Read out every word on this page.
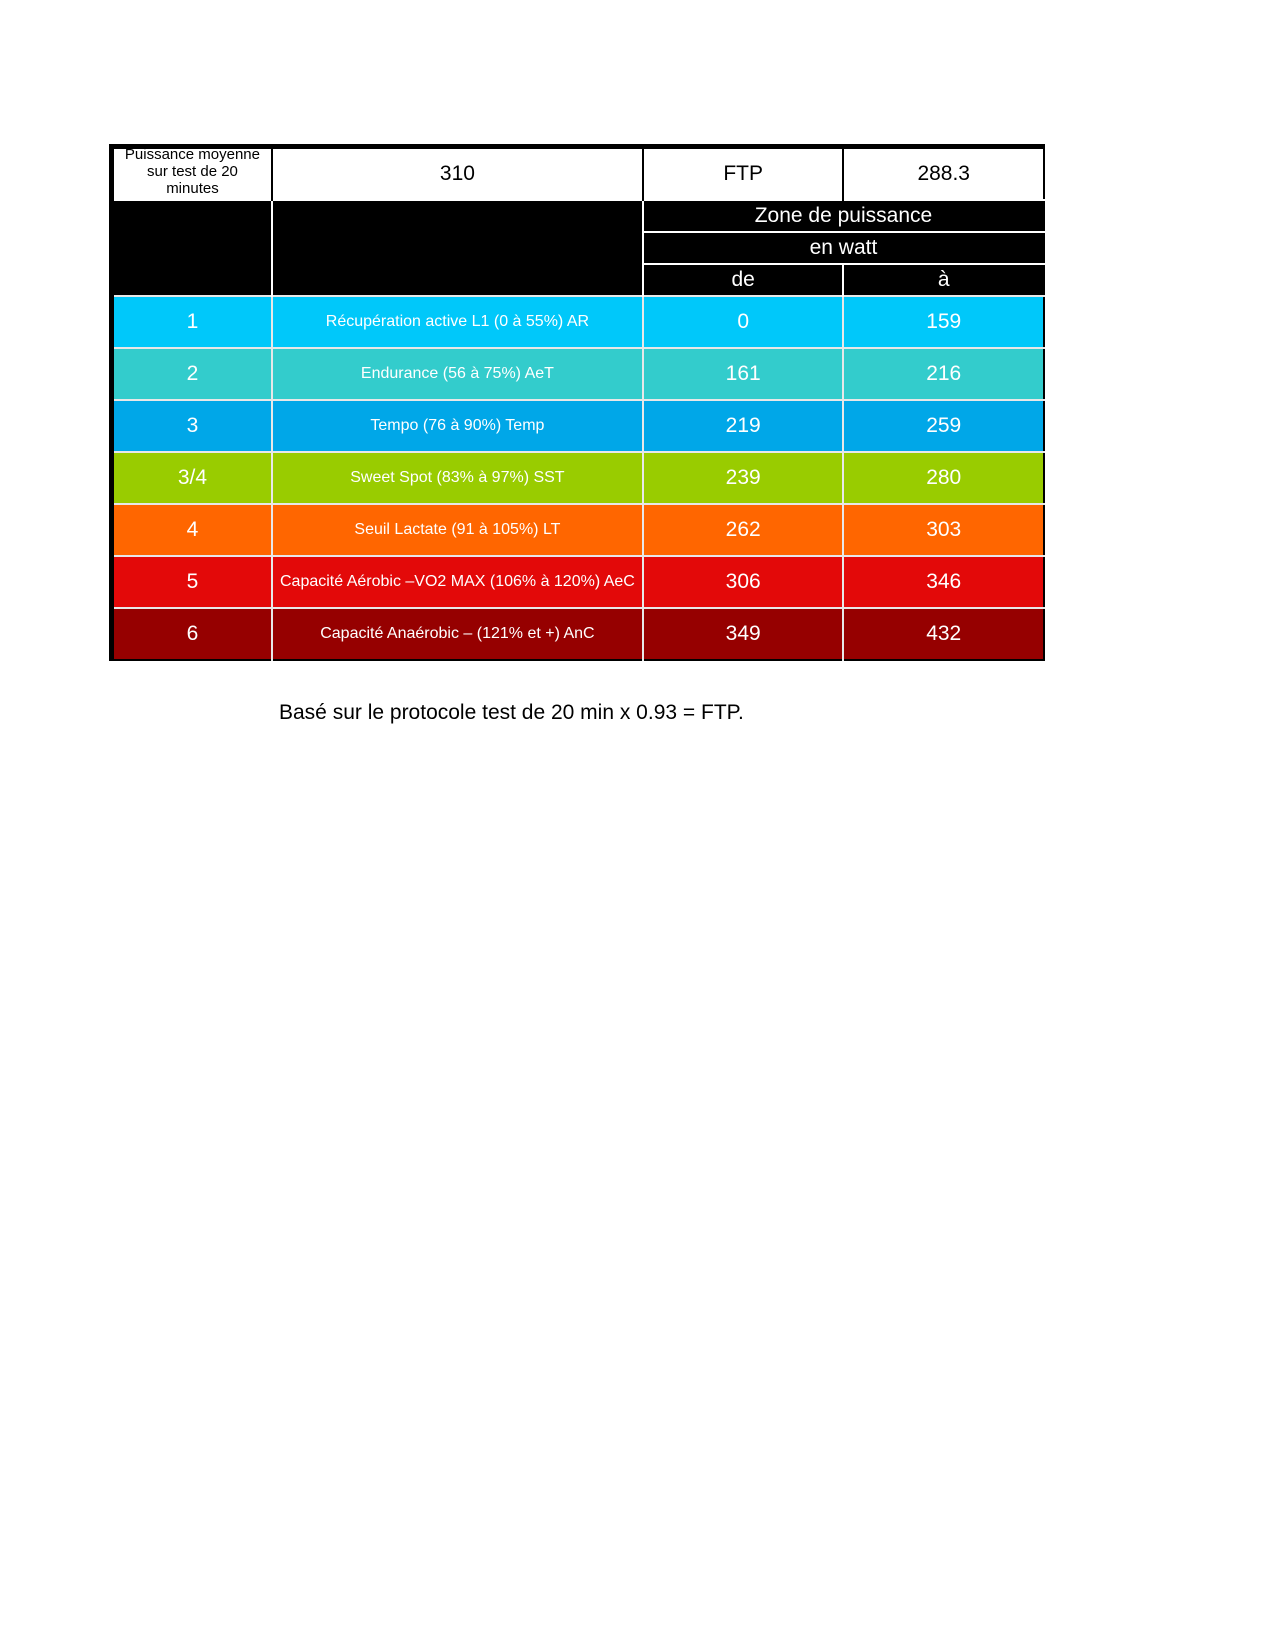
Puissance moyenne
sur test de 20
minutes	310	FTP	288.3
		Zone de puissance	
		en watt	
		de	à
1	Récupération active L1 (0 à 55%) AR	0	159
2	Endurance (56 à 75%) AeT	161	216
3	Tempo (76 à 90%) Temp	219	259
3/4	Sweet Spot (83% à 97%) SST	239	280
4	Seuil Lactate (91 à 105%) LT	262	303
5	Capacité Aérobic –VO2 MAX (106% à 120%) AeC	306	346
6	Capacité Anaérobic – (121% et +) AnC	349	432
Basé sur le protocole test de 20 min x 0.93 = FTP.
